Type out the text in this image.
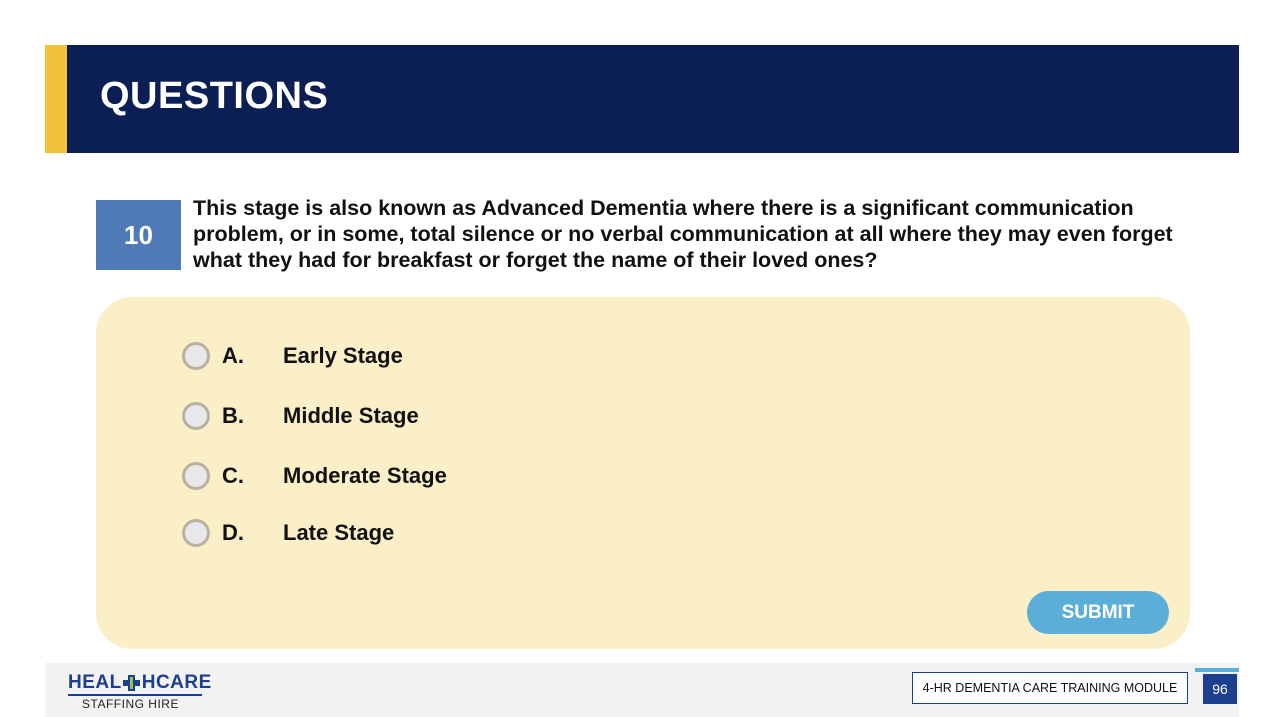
QUESTIONS
10

This stage is also known as Advanced Dementia where there is a significant communication problem, or in some, total silence or no verbal communication at all where they may even forget what they had for breakfast or forget the name of their loved ones?

A. Early Stage
B. Middle Stage
C. Moderate Stage
D. Late Stage
SUBMIT
HEAL HCARE
STAFFING HIRE
4-HR DEMENTIA CARE TRAINING MODULE	96
